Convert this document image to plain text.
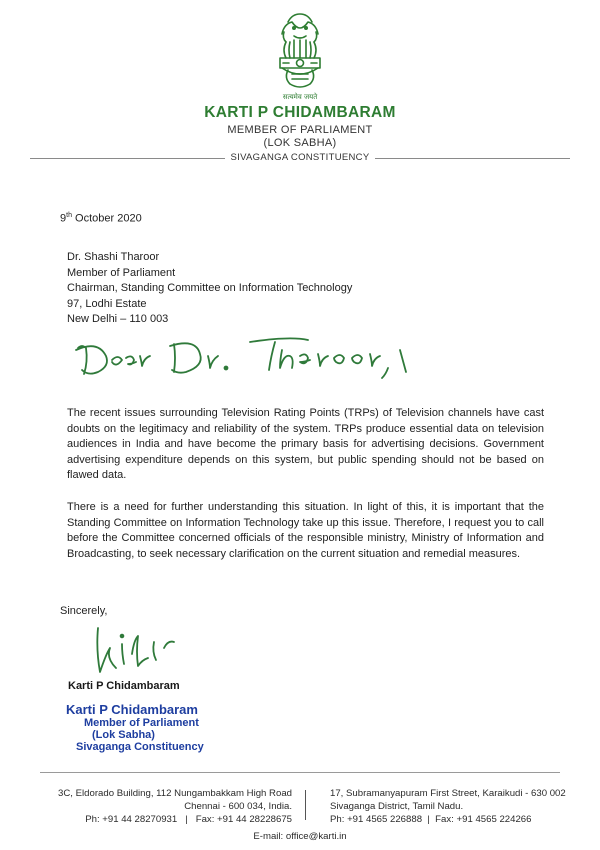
सत्यमेव जयते
KARTI P CHIDAMBARAM
MEMBER OF PARLIAMENT
(LOK SABHA)
SIVAGANGA CONSTITUENCY
9th October 2020
Dr. Shashi Tharoor
Member of Parliament
Chairman, Standing Committee on Information Technology
97, Lodhi Estate
New Delhi – 110 003
The recent issues surrounding Television Rating Points (TRPs) of Television channels have cast doubts on the legitimacy and reliability of the system. TRPs produce essential data on television audiences in India and have become the primary basis for advertising decisions. Government advertising expenditure depends on this system, but public spending should not be based on flawed data.
There is a need for further understanding this situation. In light of this, it is important that the Standing Committee on Information Technology take up this issue. Therefore, I request you to call before the Committee concerned officials of the responsible ministry, Ministry of Information and Broadcasting, to seek necessary clarification on the current situation and remedial measures.
Sincerely,
Karti P Chidambaram
Karti P Chidambaram
Member of Parliament
(Lok Sabha)
Sivaganga Constituency
3C, Eldorado Building, 112 Nungambakkam High Road
Chennai - 600 034, India.
Ph: +91 44 28270931   |   Fax: +91 44 28228675
17, Subramanyapuram First Street, Karaikudi - 630 002
Sivaganga District, Tamil Nadu.
Ph: +91 4565 226888  |  Fax: +91 4565 224266
E-mail: office@karti.in
